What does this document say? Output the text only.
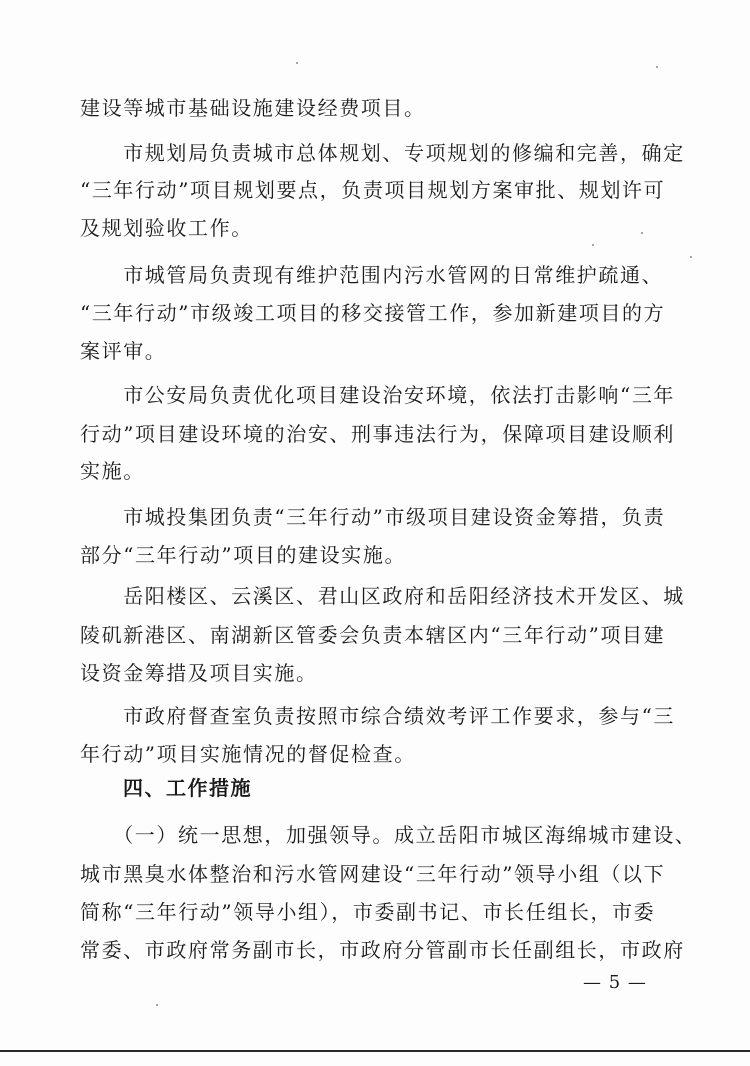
建设等城市基础设施建设经费项目。
　　市规划局负责城市总体规划、专项规划的修编和完善，确定
“三年行动”项目规划要点，负责项目规划方案审批、规划许可
及规划验收工作。
　　市城管局负责现有维护范围内污水管网的日常维护疏通、
“三年行动”市级竣工项目的移交接管工作，参加新建项目的方
案评审。
　　市公安局负责优化项目建设治安环境，依法打击影响“三年
行动”项目建设环境的治安、刑事违法行为，保障项目建设顺利
实施。
　　市城投集团负责“三年行动”市级项目建设资金筹措，负责
部分“三年行动”项目的建设实施。
　　岳阳楼区、云溪区、君山区政府和岳阳经济技术开发区、城
陵矶新港区、南湖新区管委会负责本辖区内“三年行动”项目建
设资金筹措及项目实施。
　　市政府督查室负责按照市综合绩效考评工作要求，参与“三
年行动”项目实施情况的督促检查。
　　四、工作措施
　　（一）统一思想，加强领导。成立岳阳市城区海绵城市建设、
城市黑臭水体整治和污水管网建设“三年行动”领导小组（以下
简称“三年行动”领导小组），市委副书记、市长任组长，市委
常委、市政府常务副市长，市政府分管副市长任副组长，市政府
— 5 —
